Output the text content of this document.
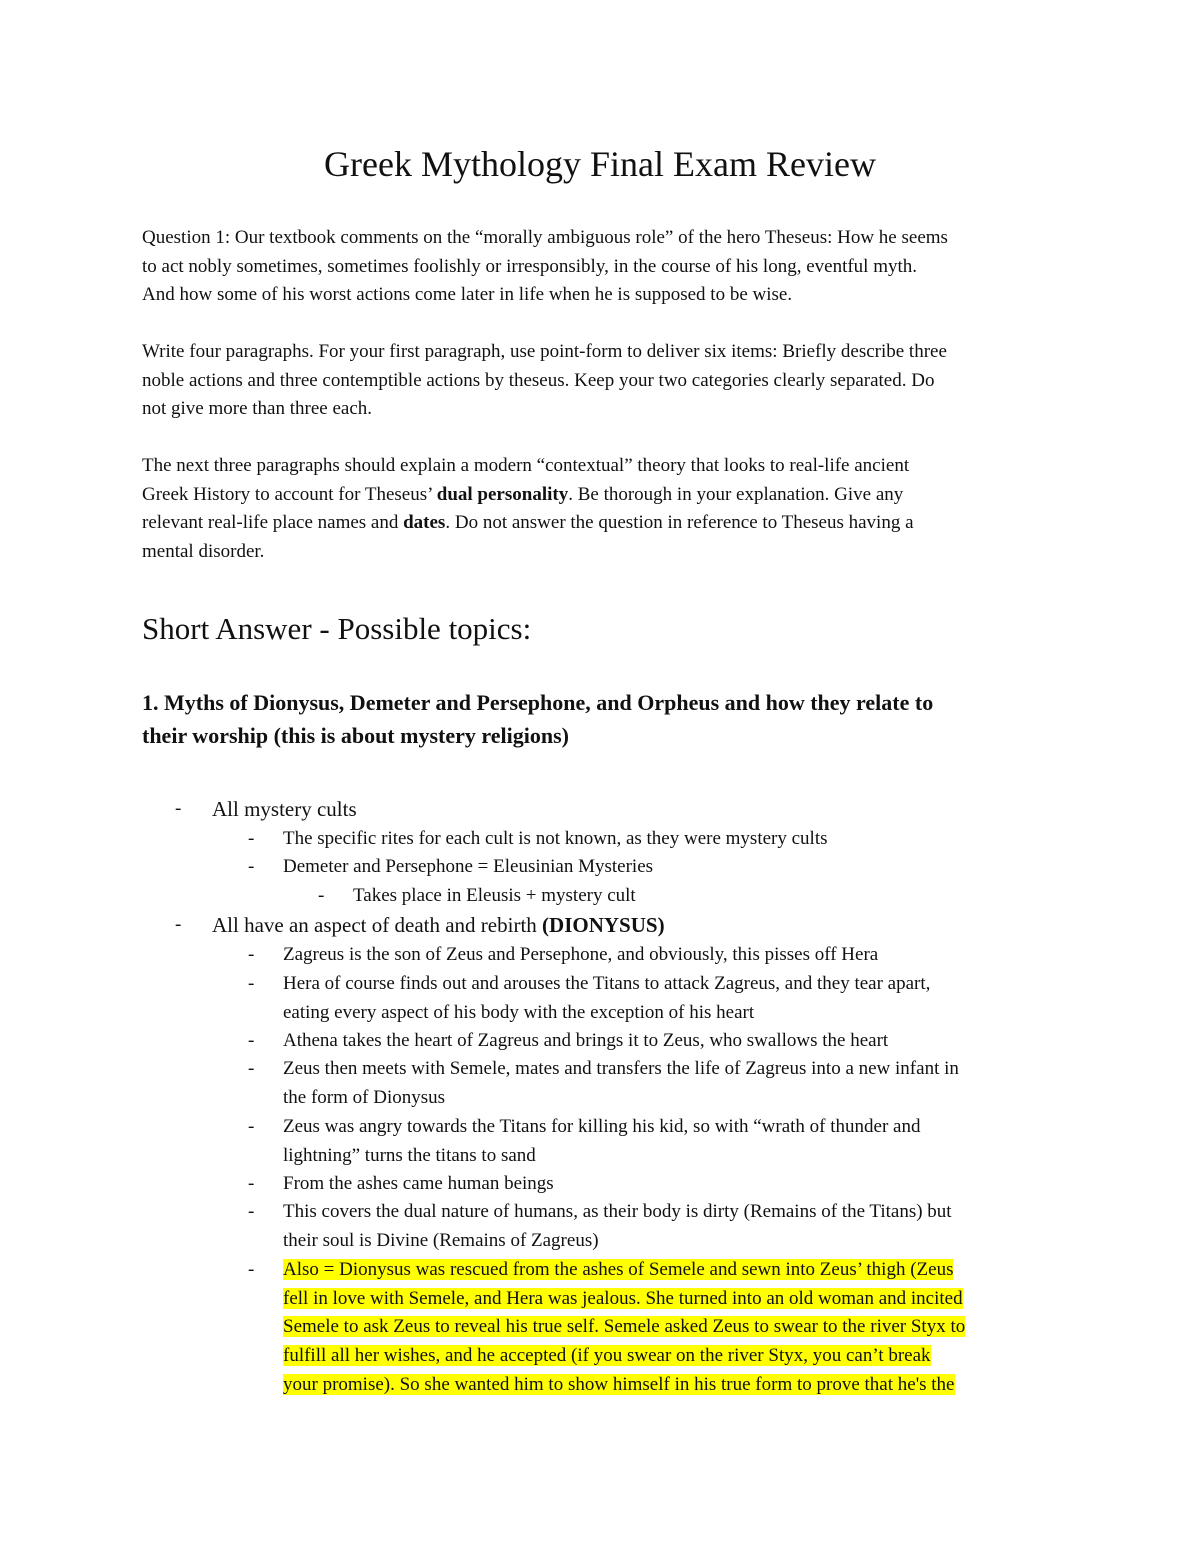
Greek Mythology Final Exam Review
Question 1: Our textbook comments on the “morally ambiguous role” of the hero Theseus: How he seems
to act nobly sometimes, sometimes foolishly or irresponsibly, in the course of his long, eventful myth.
And how some of his worst actions come later in life when he is supposed to be wise.
Write four paragraphs. For your first paragraph, use point-form to deliver six items: Briefly describe three
noble actions and three contemptible actions by theseus. Keep your two categories clearly separated. Do
not give more than three each.
The next three paragraphs should explain a modern “contextual” theory that looks to real-life ancient
Greek History to account for Theseus’ dual personality. Be thorough in your explanation. Give any
relevant real-life place names and dates. Do not answer the question in reference to Theseus having a
mental disorder.
Short Answer - Possible topics:
1. Myths of Dionysus, Demeter and Persephone, and Orpheus and how they relate to
their worship (this is about mystery religions)
- All mystery cults
- The specific rites for each cult is not known, as they were mystery cults
- Demeter and Persephone = Eleusinian Mysteries
- Takes place in Eleusis + mystery cult
- All have an aspect of death and rebirth (DIONYSUS)
- Zagreus is the son of Zeus and Persephone, and obviously, this pisses off Hera
- Hera of course finds out and arouses the Titans to attack Zagreus, and they tear apart,
eating every aspect of his body with the exception of his heart
- Athena takes the heart of Zagreus and brings it to Zeus, who swallows the heart
- Zeus then meets with Semele, mates and transfers the life of Zagreus into a new infant in
the form of Dionysus
- Zeus was angry towards the Titans for killing his kid, so with “wrath of thunder and
lightning” turns the titans to sand
- From the ashes came human beings
- This covers the dual nature of humans, as their body is dirty (Remains of the Titans) but
their soul is Divine (Remains of Zagreus)
- Also = Dionysus was rescued from the ashes of Semele and sewn into Zeus’ thigh (Zeus
fell in love with Semele, and Hera was jealous. She turned into an old woman and incited
Semele to ask Zeus to reveal his true self. Semele asked Zeus to swear to the river Styx to
fulfill all her wishes, and he accepted (if you swear on the river Styx, you can’t break
your promise). So she wanted him to show himself in his true form to prove that he's the
